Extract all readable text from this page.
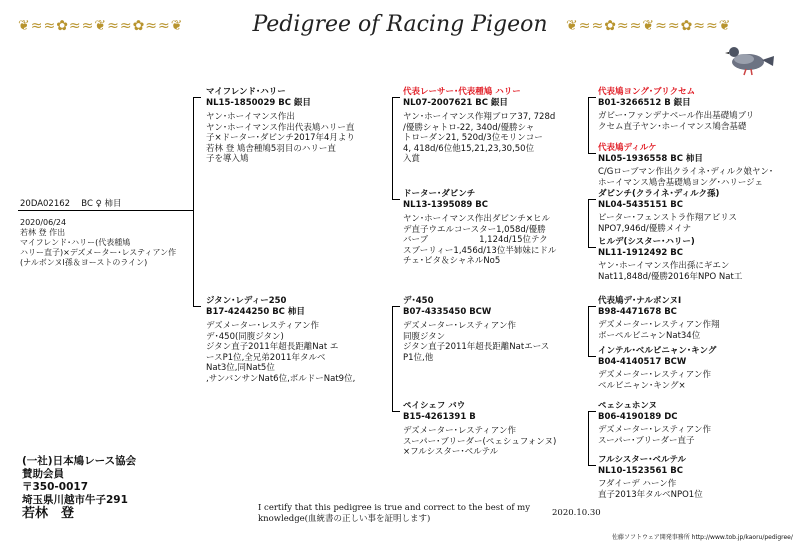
Pedigree of Racing Pigeon
❦≈≈✿≈≈❦≈≈✿≈≈❦	❦≈≈✿≈≈❦≈≈✿≈≈❦
20DA02162　 BC ♀ 柿目
2020/06/24
若林 登 作出
マイフレンド･ハリー(代表種鳩
ハリー直子)×デズメーター･レスティアン作
(ナルボンヌⅠ孫＆ヨーストのライン)
マイフレンド･ハリー
NL15-1850029 BC 銀目
ヤン･ホーイマンス作出
ヤン･ホーイマンス作出代表鳩ハリー直
子×ドーター･ダビンチ2017年4月より
若林 登 鳩舎種鳩5羽目のハリー直
子を導入鳩
ジタン･レディー250
B17-4244250 BC 柿目
デズメーター･レスティアン作
デ･450(同腹ジタン)
ジタン直子2011年超長距離Nat エ
ースP1位,全兄弟2011年タルベ
Nat3位,同Nat5位
,サンバンサンNat6位,ボルドーNat9位,
代表レーサー･代表種鳩 ハリー
NL07-2007621 BC 銀目
ヤン･ホーイマンス作翔ブロア37, 728d
/優勝シャトロ-22, 340d/優勝シャ
トローダン21, 520d/3位モリンコー
4, 418d/6位他15,21,23,30,50位
入賞
ドーター･ダビンチ
NL13-1395089 BC
ヤン･ホーイマンス作出ダビンチ×ヒル
デ直子ウエルコースター1,058d/優勝
バーブ　　　　　　1,124d/15位テク
スブーリィー1,456d/13位半姉妹にドル
チェ･ビタ＆シャネルNo5
デ･450
B07-4335450 BCW
デズメーター･レスティアン作
同腹ジタン
ジタン直子2011年超長距離Natエース
P1位,他
ペイシェフ バウ
B15-4261391 B
デズメーター･レスティアン作
スーパー･ブリーダー(ペェシュフォンヌ)
×フルシスター･ベルテル
代表鳩ヨング･ブリクセム
B01-3266512 B 銀目
ガビー･ファンデナベール作出基礎鳩ブリ
クセム直子ヤン･ホーイマンス鳩舎基礎
代表鳩ディルケ
NL05-1936558 BC 柿目
C/Gローブマン作出クライネ･ディルク娘ヤン･
ホーイマンス鳩舎基礎鳩ヨング･ハリージェ
ダビンチ(クライネ･ディルク孫)
NL04-5435151 BC
ピーター･フェンストラ作翔アビリス
NPO7,946d/優勝メイナ
ヒルデ(シスター･ハリー)
NL11-1912492 BC
ヤン･ホーイマンス作出孫にギエン
Nat11,848d/優勝2016年NPO Nat工
代表鳩デ･ナルボンヌⅠ
B98-4471678 BC
デズメーター･レスティアン作翔
ボーペルビニャンNat34位
インテル･ベルビニャン･キング
B04-4140517 BCW
デズメーター･レスティアン作
ベルビニャン･キング×
ペェシュホンヌ
B06-4190189 DC
デズメーター･レスティアン作
スーパー･ブリーダー直子
フルシスター･ベルテル
NL10-1523561 BC
フダイーデ ハーン作
直子2013年タルベNPO1位
(一社)日本鳩レース協会
賛助会員
〒350-0017
埼玉県川越市牛子291
若林　登	I certify that this pedigree is true and correct to the best of my
knowledge(血統書の正しい事を証明します)
2020.10.30
佐藤ソフトウェア開発事務所 http://www.tob.jp/kaoru/pedigree/
